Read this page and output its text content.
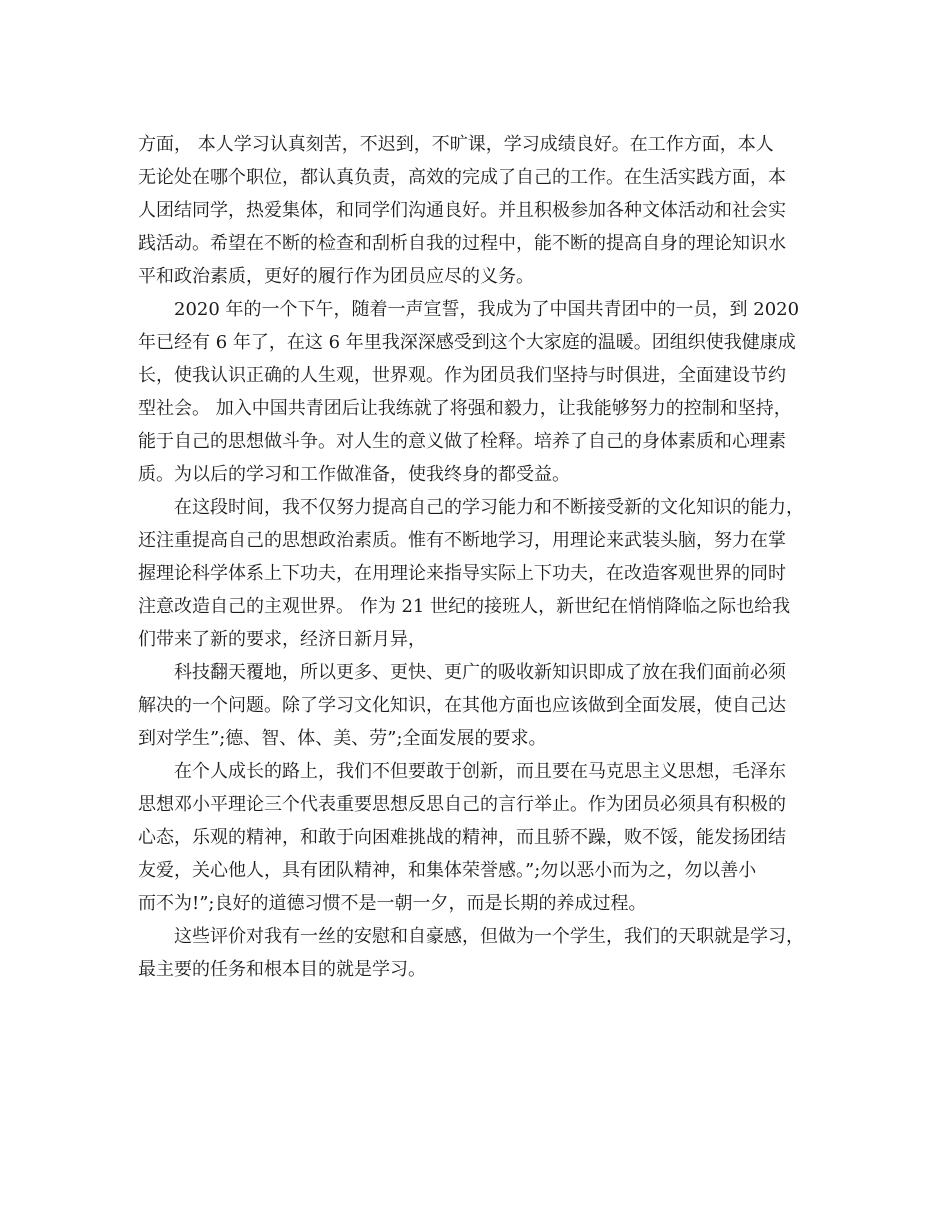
方面， 本人学习认真刻苦，不迟到，不旷课，学习成绩良好。在工作方面，本人
无论处在哪个职位，都认真负责，高效的完成了自己的工作。在生活实践方面，本
人团结同学，热爱集体，和同学们沟通良好。并且积极参加各种文体活动和社会实
践活动。希望在不断的检查和刮析自我的过程中，能不断的提高自身的理论知识水
平和政治素质，更好的履行作为团员应尽的义务。

2020 年的一个下午，随着一声宣誓，我成为了中国共青团中的一员，到 2020
年已经有 6 年了，在这 6 年里我深深感受到这个大家庭的温暖。团组织使我健康成
长，使我认识正确的人生观，世界观。作为团员我们坚持与时俱进，全面建设节约
型社会。 加入中国共青团后让我练就了将强和毅力，让我能够努力的控制和坚持，
能于自己的思想做斗争。对人生的意义做了栓释。培养了自己的身体素质和心理素
质。为以后的学习和工作做准备，使我终身的都受益。

在这段时间，我不仅努力提高自己的学习能力和不断接受新的文化知识的能力，
还注重提高自己的思想政治素质。惟有不断地学习，用理论来武装头脑，努力在掌
握理论科学体系上下功夫，在用理论来指导实际上下功夫，在改造客观世界的同时
注意改造自己的主观世界。 作为 21 世纪的接班人，新世纪在悄悄降临之际也给我
们带来了新的要求，经济日新月异，

科技翻天覆地，所以更多、更快、更广的吸收新知识即成了放在我们面前必须
解决的一个问题。除了学习文化知识，在其他方面也应该做到全面发展，使自己达
到对学生”;德、智、体、美、劳”;全面发展的要求。

在个人成长的路上，我们不但要敢于创新，而且要在马克思主义思想，毛泽东
思想邓小平理论三个代表重要思想反思自己的言行举止。作为团员必须具有积极的
心态，乐观的精神，和敢于向困难挑战的精神，而且骄不躁，败不馁，能发扬团结
友爱，关心他人，具有团队精神，和集体荣誉感。”;勿以恶小而为之，勿以善小
而不为!”;良好的道德习惯不是一朝一夕，而是长期的养成过程。

这些评价对我有一丝的安慰和自豪感，但做为一个学生，我们的天职就是学习，
最主要的任务和根本目的就是学习。
